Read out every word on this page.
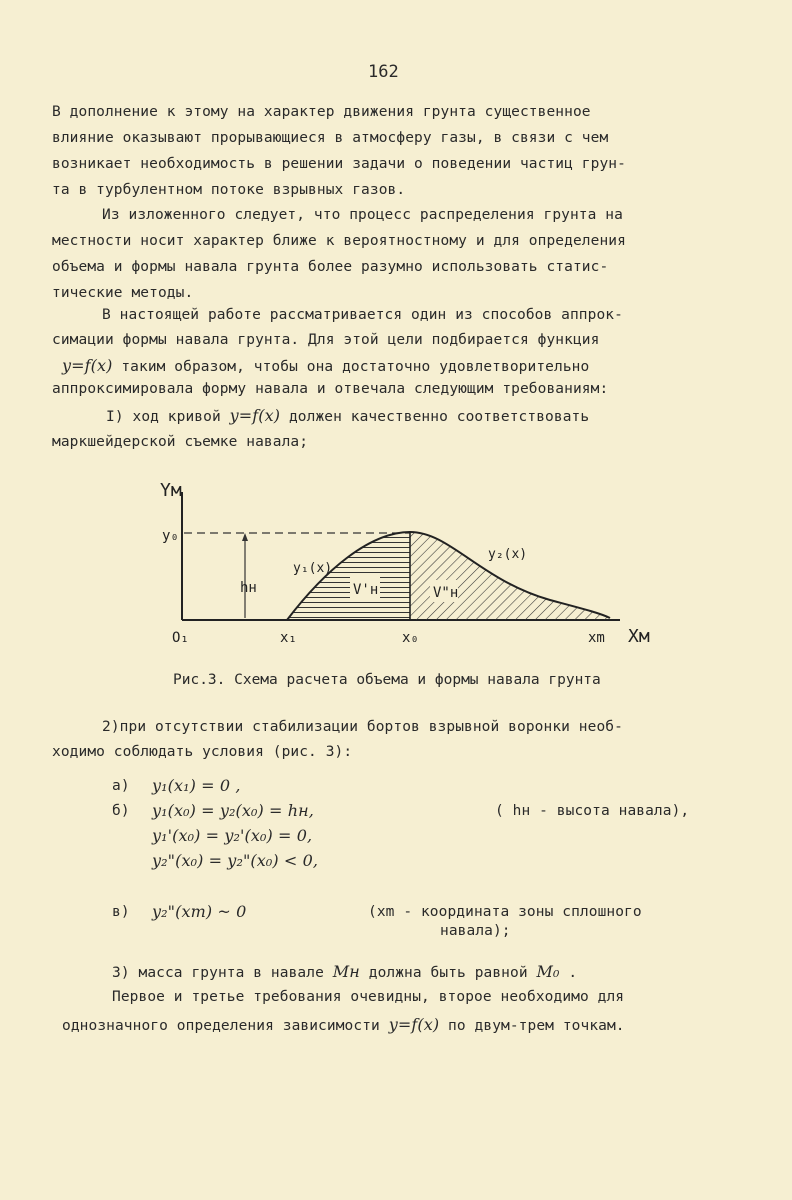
162
В дополнение к этому на характер движения грунта существенное
влияние оказывают прорывающиеся в атмосферу газы, в связи с чем
возникает необходимость в решении задачи о поведении частиц грун-
та в турбулентном потоке взрывных газов.
Из изложенного следует, что процесс распределения грунта на
местности носит характер ближе к вероятностному и для определения
объема и формы навала грунта более разумно использовать статис-
тические методы.
В настоящей работе рассматривается один из способов аппрок-
симации формы навала грунта. Для этой цели подбирается функция
y=f(x) таким образом, чтобы она достаточно удовлетворительно
аппроксимировала форму навала и отвечала следующим требованиям:
I) ход кривой y=f(x) должен качественно соответствовать
маркшейдерской съемке навала;
Yм
y₀
hн
y₁(x)
y₂(x)
V'н	V"н
O₁	x₁	x₀	xm Xм
Рис.3. Схема расчета объема и формы навала грунта
2)при отсутствии стабилизации бортов взрывной воронки необ-
ходимо соблюдать условия (рис. 3):
а) y₁(x₁) = 0 ,
б) y₁(x₀) = y₂(x₀) = hн,	( hн - высота навала),
y₁'(x₀) = y₂'(x₀) = 0,
y₂"(x₀) = y₂"(x₀) < 0,
в) y₂"(xm) ~ 0	(xm - координата зоны сплошного
навала);
3) масса грунта в навале Mн должна быть равной M₀ .
Первое и третье требования очевидны, второе необходимо для
однозначного определения зависимости y=f(x) по двум-трем точкам.
